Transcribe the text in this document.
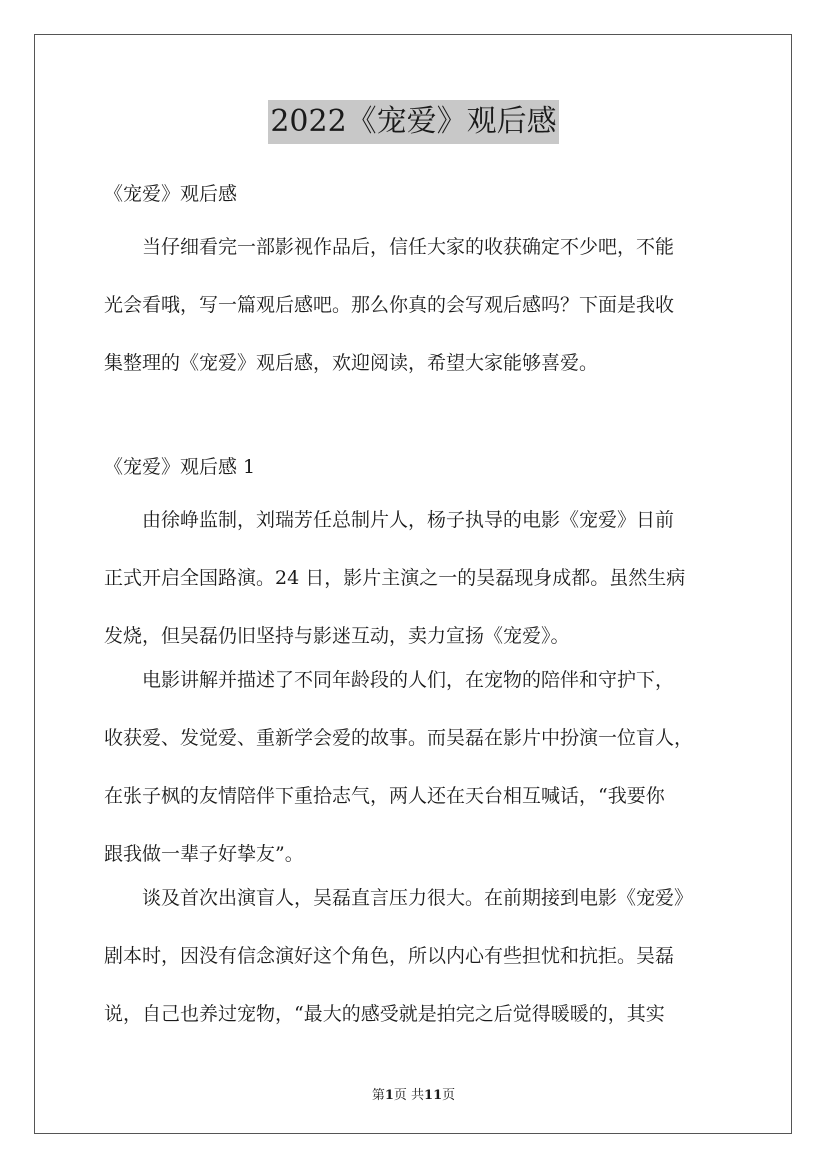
2022《宠爱》观后感
《宠爱》观后感
当仔细看完一部影视作品后，信任大家的收获确定不少吧，不能
光会看哦，写一篇观后感吧。那么你真的会写观后感吗？下面是我收
集整理的《宠爱》观后感，欢迎阅读，希望大家能够喜爱。
《宠爱》观后感 1
由徐峥监制，刘瑞芳任总制片人，杨子执导的电影《宠爱》日前
正式开启全国路演。24 日，影片主演之一的吴磊现身成都。虽然生病
发烧，但吴磊仍旧坚持与影迷互动，卖力宣扬《宠爱》。
电影讲解并描述了不同年龄段的人们，在宠物的陪伴和守护下，
收获爱、发觉爱、重新学会爱的故事。而吴磊在影片中扮演一位盲人，
在张子枫的友情陪伴下重拾志气，两人还在天台相互喊话，“我要你
跟我做一辈子好挚友”。
谈及首次出演盲人，吴磊直言压力很大。在前期接到电影《宠爱》
剧本时，因没有信念演好这个角色，所以内心有些担忧和抗拒。吴磊
说，自己也养过宠物，“最大的感受就是拍完之后觉得暖暖的，其实
第1页 共11页
